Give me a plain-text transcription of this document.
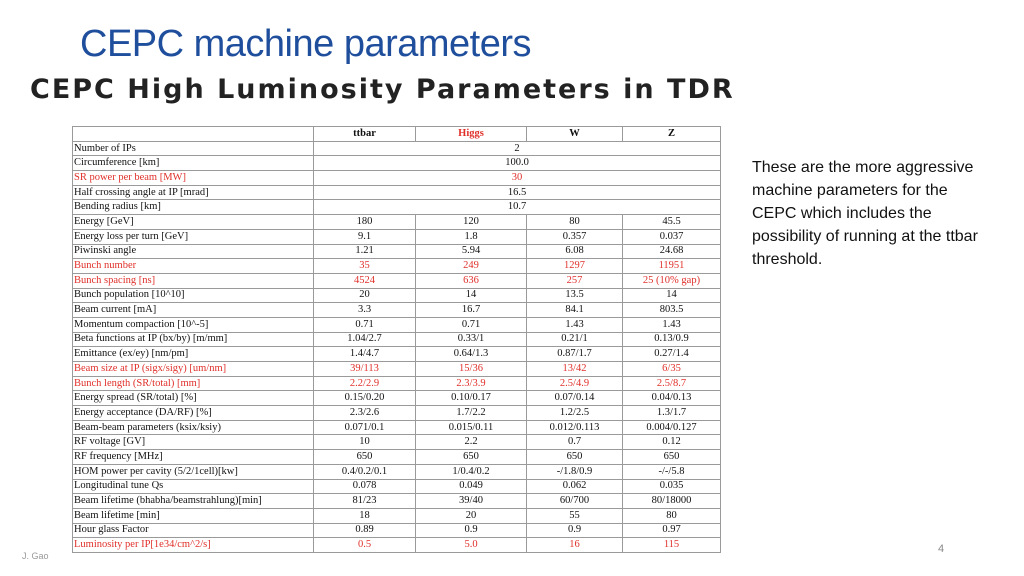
CEPC machine parameters
CEPC High Luminosity Parameters in TDR
	ttbar	Higgs	W	Z
Number of IPs	2			
Circumference [km]	100.0			
SR power per beam [MW]	30			
Half crossing angle at IP [mrad]	16.5			
Bending radius [km]	10.7			
Energy [GeV]	180	120	80	45.5
Energy loss per turn [GeV]	9.1	1.8	0.357	0.037
Piwinski angle	1.21	5.94	6.08	24.68
Bunch number	35	249	1297	11951
Bunch spacing [ns]	4524	636	257	25 (10% gap)
Bunch population [10^10]	20	14	13.5	14
Beam current [mA]	3.3	16.7	84.1	803.5
Momentum compaction [10^-5]	0.71	0.71	1.43	1.43
Beta functions at IP (bx/by) [m/mm]	1.04/2.7	0.33/1	0.21/1	0.13/0.9
Emittance (ex/ey) [nm/pm]	1.4/4.7	0.64/1.3	0.87/1.7	0.27/1.4
Beam size at IP (sigx/sigy) [um/nm]	39/113	15/36	13/42	6/35
Bunch length (SR/total) [mm]	2.2/2.9	2.3/3.9	2.5/4.9	2.5/8.7
Energy spread (SR/total) [%]	0.15/0.20	0.10/0.17	0.07/0.14	0.04/0.13
Energy acceptance (DA/RF) [%]	2.3/2.6	1.7/2.2	1.2/2.5	1.3/1.7
Beam-beam parameters (ksix/ksiy)	0.071/0.1	0.015/0.11	0.012/0.113	0.004/0.127
RF voltage [GV]	10	2.2	0.7	0.12
RF frequency [MHz]	650	650	650	650
HOM power per cavity (5/2/1cell)[kw]	0.4/0.2/0.1	1/0.4/0.2	-/1.8/0.9	-/-/5.8
Longitudinal tune Qs	0.078	0.049	0.062	0.035
Beam lifetime (bhabha/beamstrahlung)[min]	81/23	39/40	60/700	80/18000
Beam lifetime [min]	18	20	55	80
Hour glass Factor	0.89	0.9	0.9	0.97
Luminosity per IP[1e34/cm^2/s]	0.5	5.0	16	115

These are the more aggressive machine parameters for the CEPC which includes the possibility of running at the ttbar threshold.

J. Gao
4
